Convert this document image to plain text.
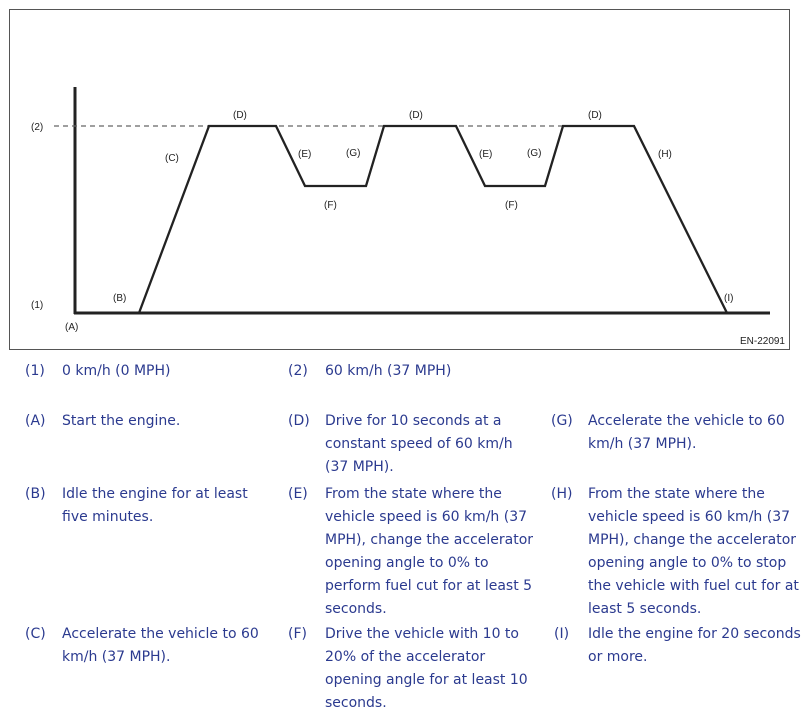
(2)
(1)
(A)
(B)
(C)
(D)
(E)	(G)
(F)
(D)
(E)	(G)
(F)
(D)
(H)
(I)
EN-22091
(1) 0 km/h (0 MPH)	(2) 60 km/h (37 MPH)
(A) Start the engine.
(B) Idle the engine for at least five minutes.
(C) Accelerate the vehicle to 60 km/h (37 MPH).
(D) Drive for 10 seconds at a constant speed of 60 km/h (37 MPH).
(E) From the state where the vehicle speed is 60 km/h (37 MPH), change the accelerator opening angle to 0% to perform fuel cut for at least 5 seconds.
(F) Drive the vehicle with 10 to 20% of the accelerator opening angle for at least 10 seconds.
(G) Accelerate the vehicle to 60 km/h (37 MPH).
(H) From the state where the vehicle speed is 60 km/h (37 MPH), change the accelerator opening angle to 0% to stop the vehicle with fuel cut for at least 5 seconds.
(I) Idle the engine for 20 seconds or more.
